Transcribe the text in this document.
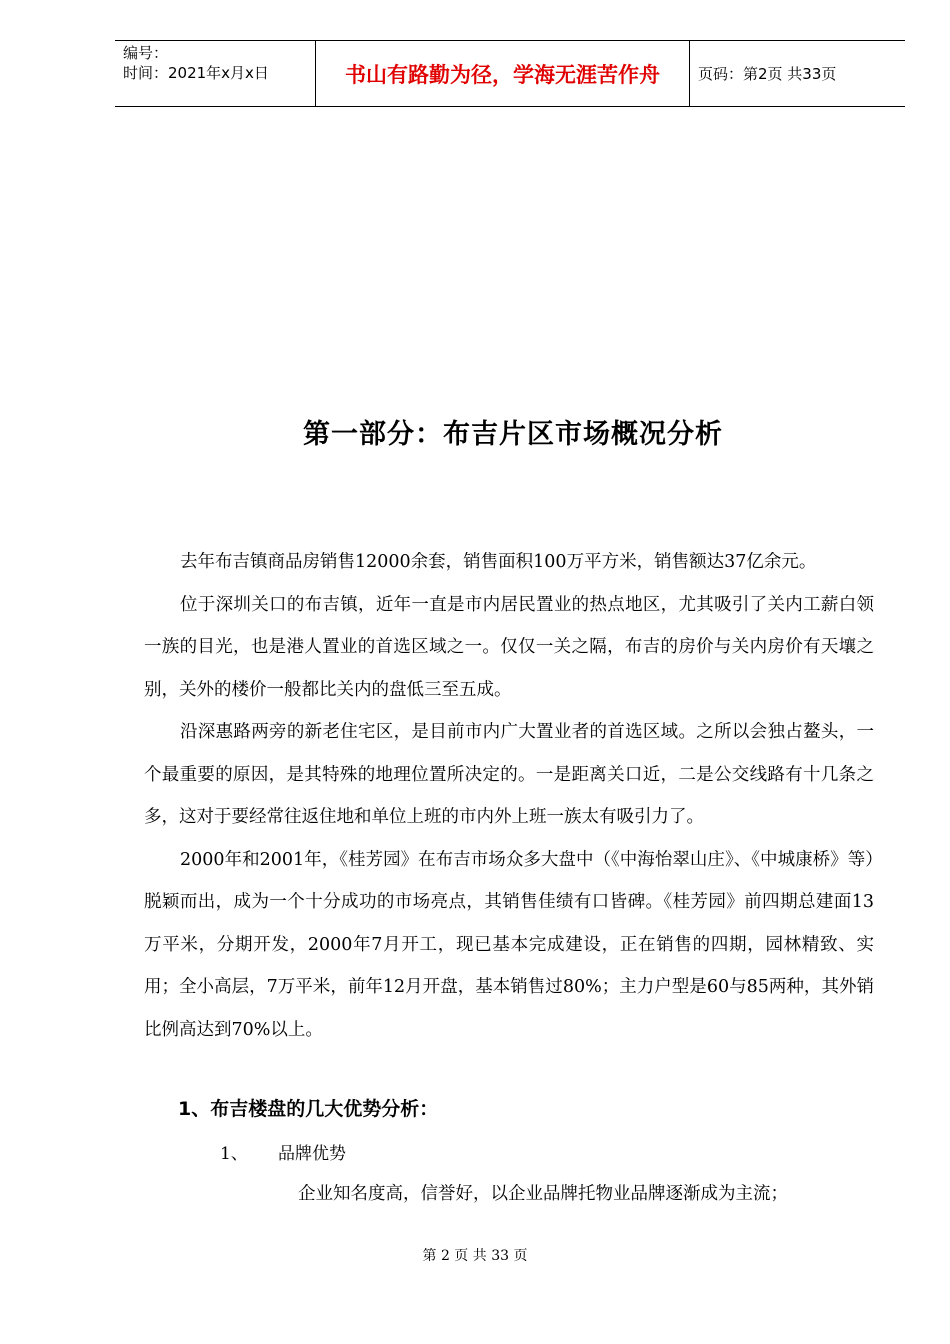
编号：
时间：2021年x月x日	书山有路勤为径，学海无涯苦作舟	页码：第2页 共33页
第一部分：布吉片区市场概况分析

去年布吉镇商品房销售12000余套，销售面积100万平方米，销售额达37亿余元。

位于深圳关口的布吉镇，近年一直是市内居民置业的热点地区，尤其吸引了关内工薪白领一族的目光，也是港人置业的首选区域之一。仅仅一关之隔，布吉的房价与关内房价有天壤之别，关外的楼价一般都比关内的盘低三至五成。

沿深惠路两旁的新老住宅区，是目前市内广大置业者的首选区域。之所以会独占鳌头，一个最重要的原因，是其特殊的地理位置所决定的。一是距离关口近，二是公交线路有十几条之多，这对于要经常往返住地和单位上班的市内外上班一族太有吸引力了。

2000年和2001年，《桂芳园》在布吉市场众多大盘中（《中海怡翠山庄》、《中城康桥》等）脱颖而出，成为一个十分成功的市场亮点，其销售佳绩有口皆碑。《桂芳园》前四期总建面13万平米，分期开发，2000年7月开工，现已基本完成建设，正在销售的四期，园林精致、实用；全小高层，7万平米，前年12月开盘，基本销售过80%；主力户型是60与85两种，其外销比例高达到70%以上。

1、布吉楼盘的几大优势分析：
1、	品牌优势
企业知名度高，信誉好，以企业品牌托物业品牌逐渐成为主流；
第 2 页 共 33 页
